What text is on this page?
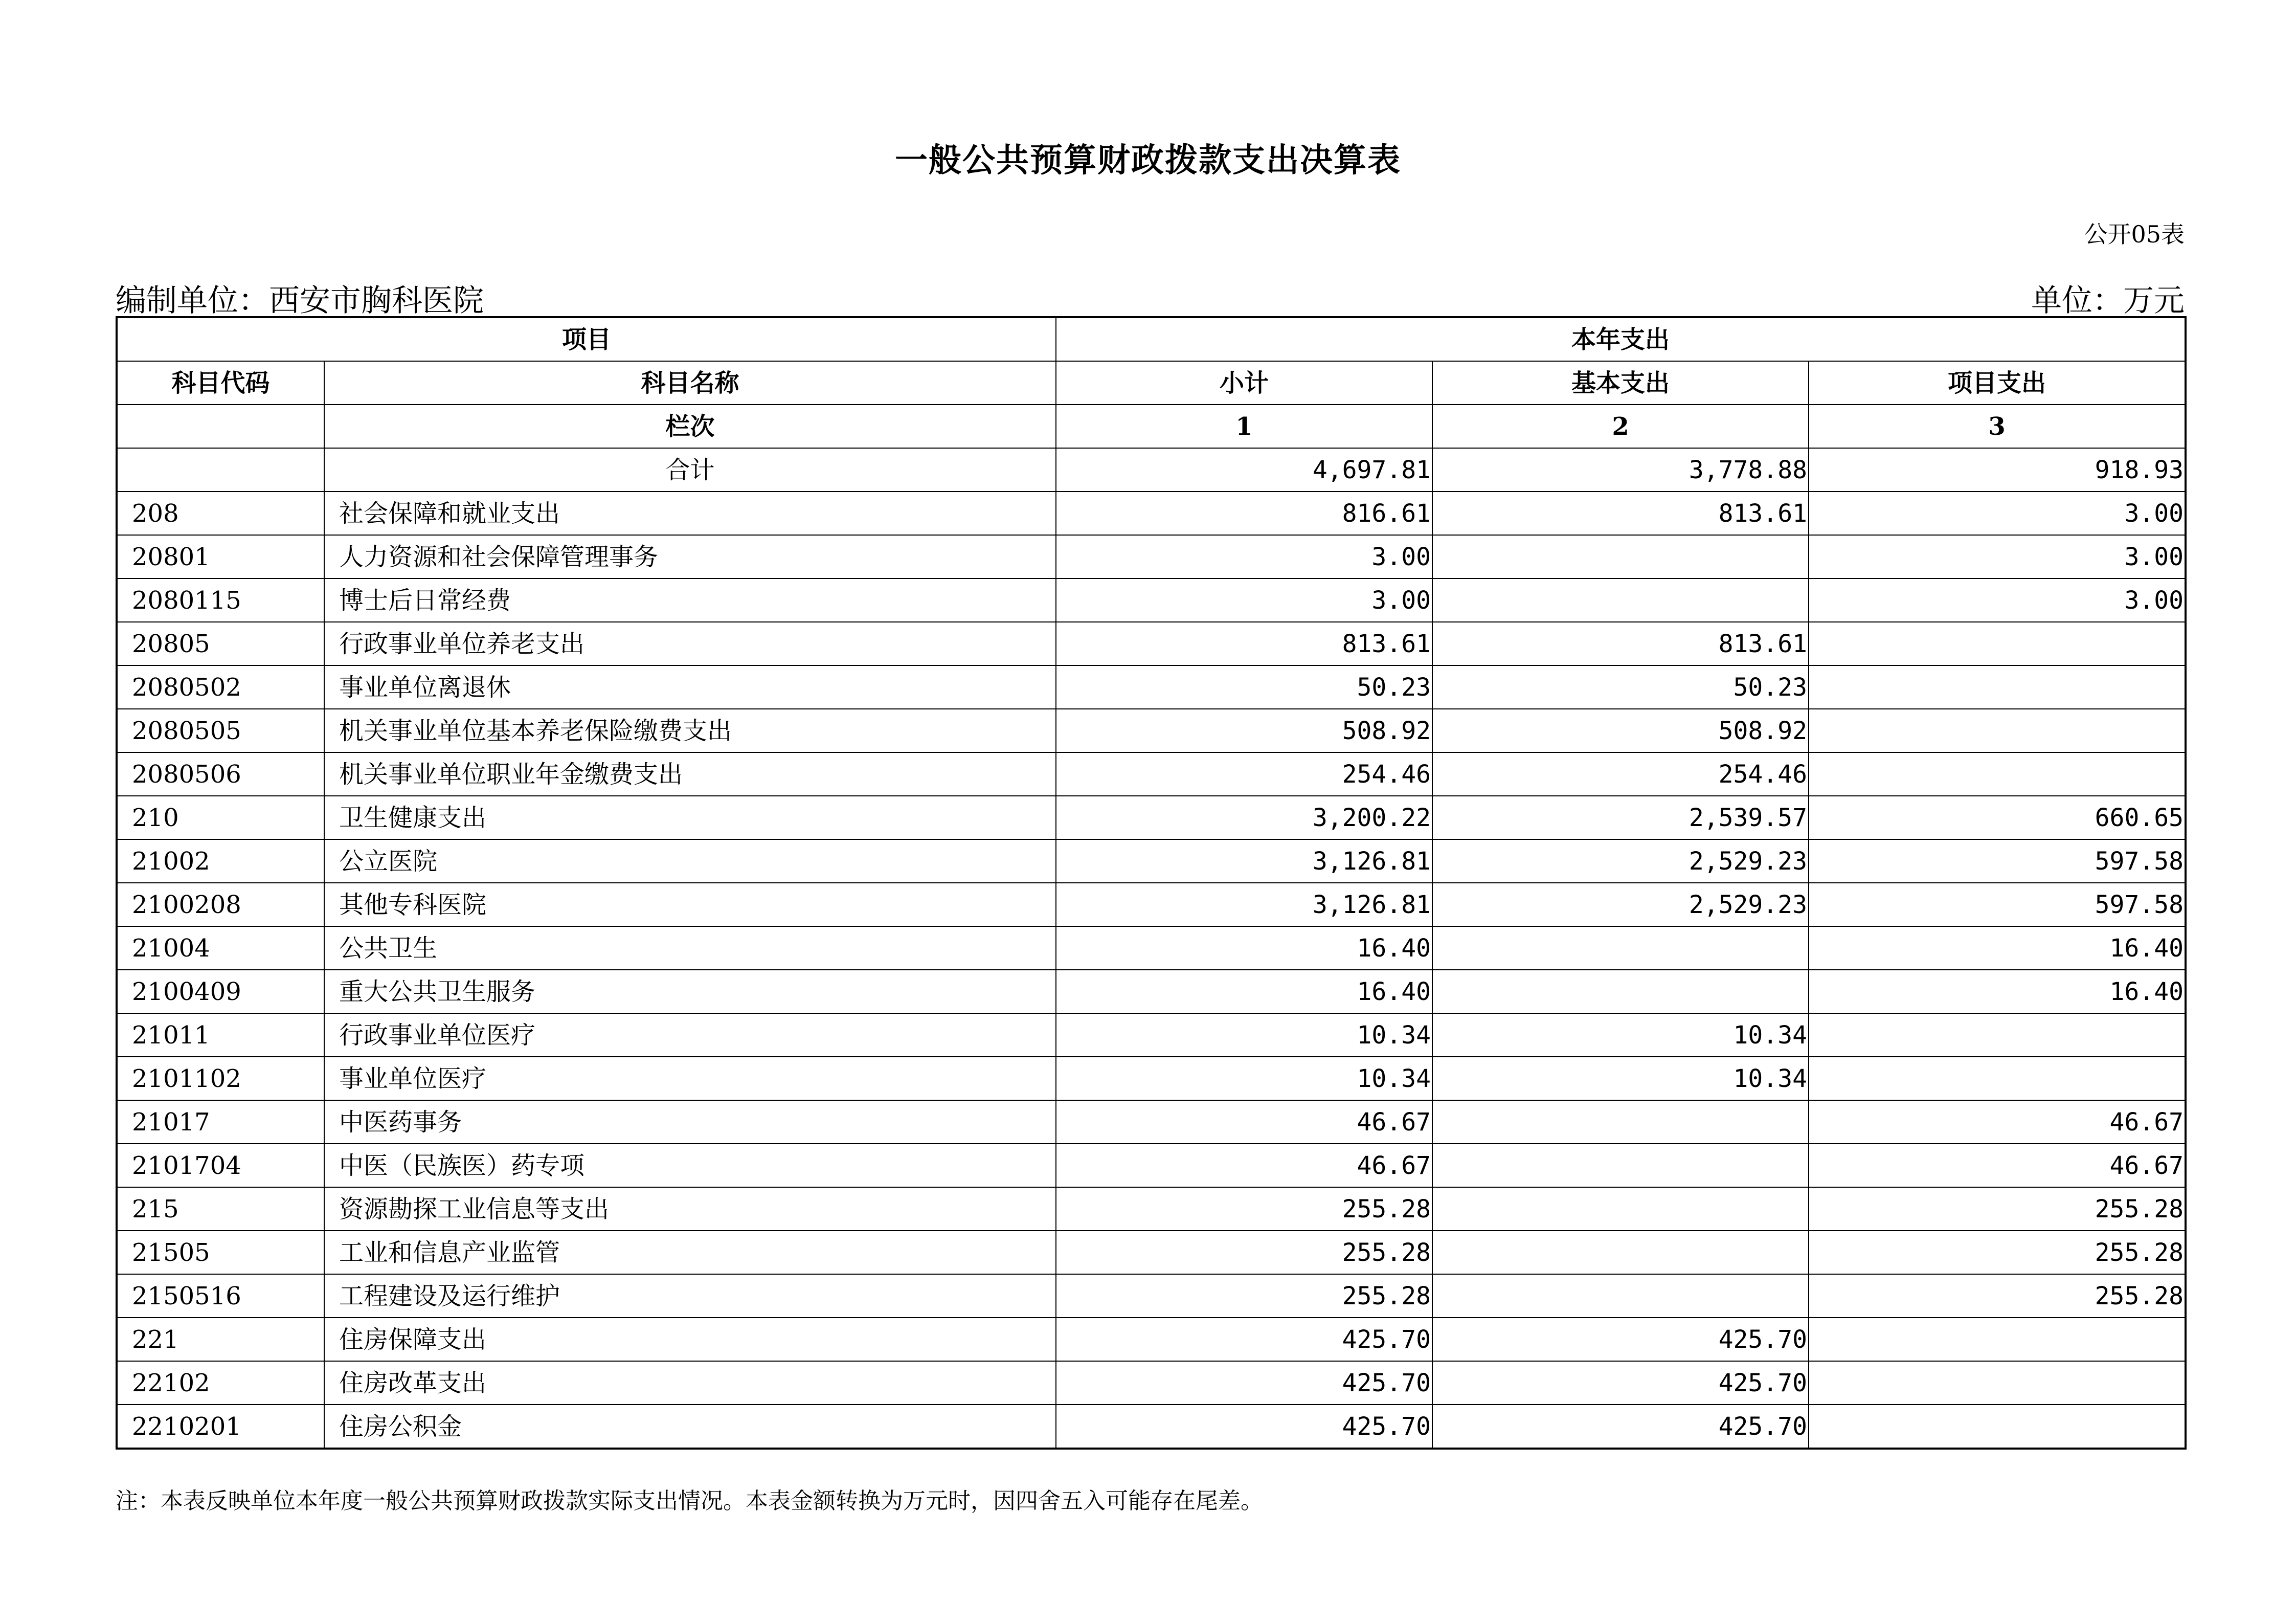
一般公共预算财政拨款支出决算表
公开05表
编制单位：西安市胸科医院	单位：万元
项目		本年支出		
科目代码	科目名称	小计	基本支出	项目支出
	栏次	1	2	3
	合计	4,697.81	3,778.88	918.93
208	社会保障和就业支出	816.61	813.61	3.00
20801	人力资源和社会保障管理事务	3.00		3.00
2080115	博士后日常经费	3.00		3.00
20805	行政事业单位养老支出	813.61	813.61	
2080502	事业单位离退休	50.23	50.23	
2080505	机关事业单位基本养老保险缴费支出	508.92	508.92	
2080506	机关事业单位职业年金缴费支出	254.46	254.46	
210	卫生健康支出	3,200.22	2,539.57	660.65
21002	公立医院	3,126.81	2,529.23	597.58
2100208	其他专科医院	3,126.81	2,529.23	597.58
21004	公共卫生	16.40		16.40
2100409	重大公共卫生服务	16.40		16.40
21011	行政事业单位医疗	10.34	10.34	
2101102	事业单位医疗	10.34	10.34	
21017	中医药事务	46.67		46.67
2101704	中医（民族医）药专项	46.67		46.67
215	资源勘探工业信息等支出	255.28		255.28
21505	工业和信息产业监管	255.28		255.28
2150516	工程建设及运行维护	255.28		255.28
221	住房保障支出	425.70	425.70	
22102	住房改革支出	425.70	425.70	
2210201	住房公积金	425.70	425.70	
注：本表反映单位本年度一般公共预算财政拨款实际支出情况。本表金额转换为万元时，因四舍五入可能存在尾差。
